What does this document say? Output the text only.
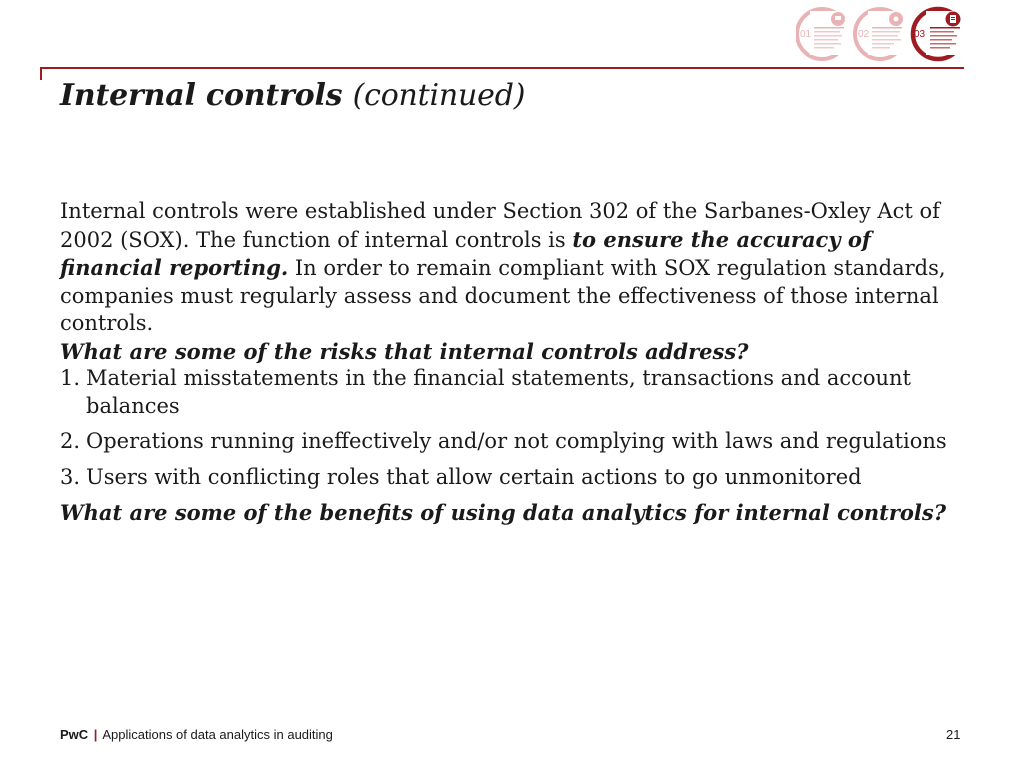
01	02	03
Internal controls (continued)

Internal controls were established under Section 302 of the Sarbanes-Oxley Act of 2002 (SOX). The function of internal controls is to ensure the accuracy of financial reporting. In order to remain compliant with SOX regulation standards, companies must regularly assess and document the effectiveness of those internal controls.

What are some of the risks that internal controls address?

1. Material misstatements in the financial statements, transactions and account balances
2. Operations running ineffectively and/or not complying with laws and regulations
3. Users with conflicting roles that allow certain actions to go unmonitored

What are some of the benefits of using data analytics for internal controls?

PwC | Applications of data analytics in auditing	21
